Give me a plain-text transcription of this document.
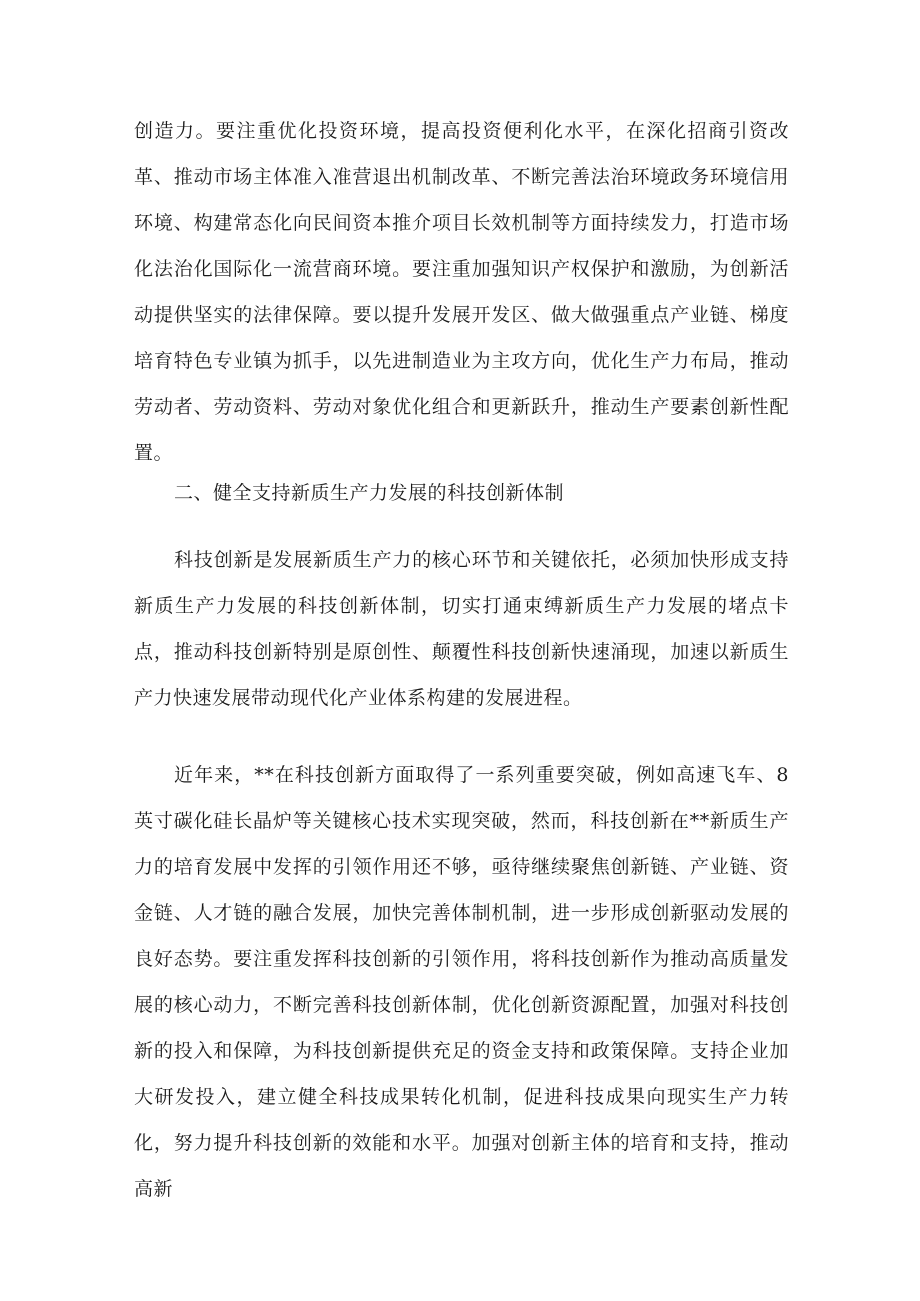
创造力。要注重优化投资环境，提高投资便利化水平，在深化招商引资改革、推动市场主体准入准营退出机制改革、不断完善法治环境政务环境信用环境、构建常态化向民间资本推介项目长效机制等方面持续发力，打造市场化法治化国际化一流营商环境。要注重加强知识产权保护和激励，为创新活动提供坚实的法律保障。要以提升发展开发区、做大做强重点产业链、梯度培育特色专业镇为抓手，以先进制造业为主攻方向，优化生产力布局，推动劳动者、劳动资料、劳动对象优化组合和更新跃升，推动生产要素创新性配置。

二、健全支持新质生产力发展的科技创新体制

科技创新是发展新质生产力的核心环节和关键依托，必须加快形成支持新质生产力发展的科技创新体制，切实打通束缚新质生产力发展的堵点卡点，推动科技创新特别是原创性、颠覆性科技创新快速涌现，加速以新质生产力快速发展带动现代化产业体系构建的发展进程。

近年来，**在科技创新方面取得了一系列重要突破，例如高速飞车、8英寸碳化硅长晶炉等关键核心技术实现突破，然而，科技创新在**新质生产力的培育发展中发挥的引领作用还不够，亟待继续聚焦创新链、产业链、资金链、人才链的融合发展，加快完善体制机制，进一步形成创新驱动发展的良好态势。要注重发挥科技创新的引领作用，将科技创新作为推动高质量发展的核心动力，不断完善科技创新体制，优化创新资源配置，加强对科技创新的投入和保障，为科技创新提供充足的资金支持和政策保障。支持企业加大研发投入，建立健全科技成果转化机制，促进科技成果向现实生产力转化，努力提升科技创新的效能和水平。加强对创新主体的培育和支持，推动高新
